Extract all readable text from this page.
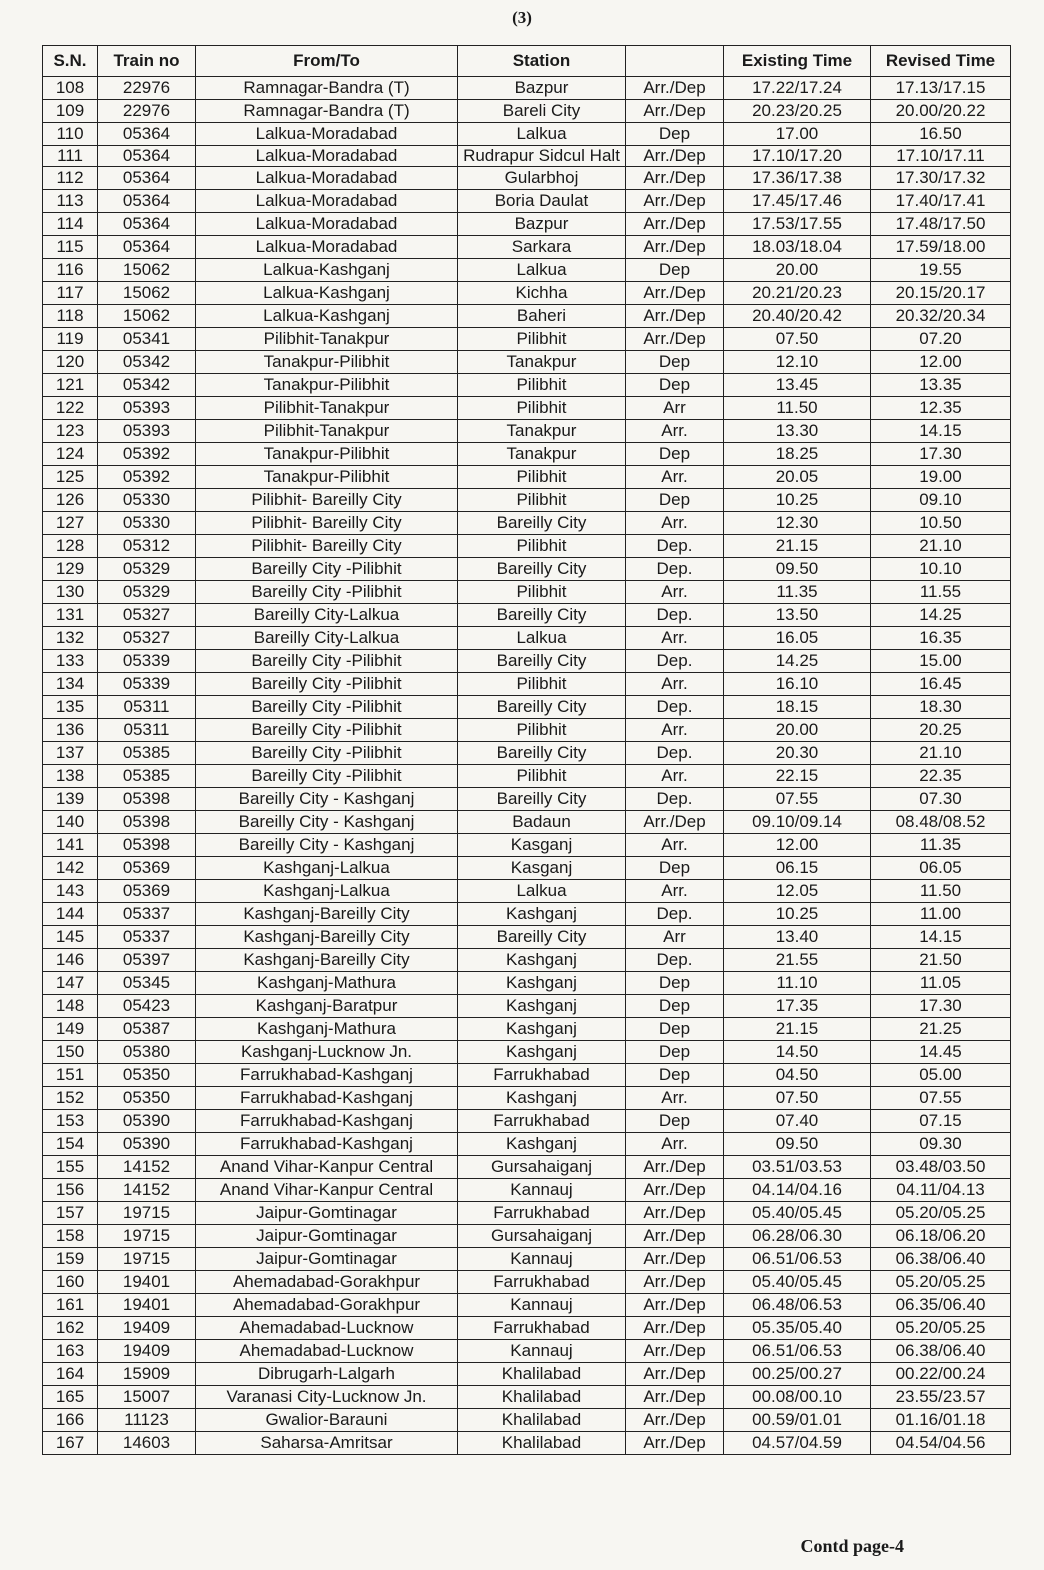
(3)
S.N.	Train no	From/To	Station		Existing Time	Revised Time
108	22976	Ramnagar-Bandra (T)	Bazpur	Arr./Dep	17.22/17.24	17.13/17.15
109	22976	Ramnagar-Bandra (T)	Bareli City	Arr./Dep	20.23/20.25	20.00/20.22
110	05364	Lalkua-Moradabad	Lalkua	Dep	17.00	16.50
111	05364	Lalkua-Moradabad	Rudrapur Sidcul Halt	Arr./Dep	17.10/17.20	17.10/17.11
112	05364	Lalkua-Moradabad	Gularbhoj	Arr./Dep	17.36/17.38	17.30/17.32
113	05364	Lalkua-Moradabad	Boria Daulat	Arr./Dep	17.45/17.46	17.40/17.41
114	05364	Lalkua-Moradabad	Bazpur	Arr./Dep	17.53/17.55	17.48/17.50
115	05364	Lalkua-Moradabad	Sarkara	Arr./Dep	18.03/18.04	17.59/18.00
116	15062	Lalkua-Kashganj	Lalkua	Dep	20.00	19.55
117	15062	Lalkua-Kashganj	Kichha	Arr./Dep	20.21/20.23	20.15/20.17
118	15062	Lalkua-Kashganj	Baheri	Arr./Dep	20.40/20.42	20.32/20.34
119	05341	Pilibhit-Tanakpur	Pilibhit	Arr./Dep	07.50	07.20
120	05342	Tanakpur-Pilibhit	Tanakpur	Dep	12.10	12.00
121	05342	Tanakpur-Pilibhit	Pilibhit	Dep	13.45	13.35
122	05393	Pilibhit-Tanakpur	Pilibhit	Arr	11.50	12.35
123	05393	Pilibhit-Tanakpur	Tanakpur	Arr.	13.30	14.15
124	05392	Tanakpur-Pilibhit	Tanakpur	Dep	18.25	17.30
125	05392	Tanakpur-Pilibhit	Pilibhit	Arr.	20.05	19.00
126	05330	Pilibhit- Bareilly City	Pilibhit	Dep	10.25	09.10
127	05330	Pilibhit- Bareilly City	Bareilly City	Arr.	12.30	10.50
128	05312	Pilibhit- Bareilly City	Pilibhit	Dep.	21.15	21.10
129	05329	Bareilly City -Pilibhit	Bareilly City	Dep.	09.50	10.10
130	05329	Bareilly City -Pilibhit	Pilibhit	Arr.	11.35	11.55
131	05327	Bareilly City-Lalkua	Bareilly City	Dep.	13.50	14.25
132	05327	Bareilly City-Lalkua	Lalkua	Arr.	16.05	16.35
133	05339	Bareilly City -Pilibhit	Bareilly City	Dep.	14.25	15.00
134	05339	Bareilly City -Pilibhit	Pilibhit	Arr.	16.10	16.45
135	05311	Bareilly City -Pilibhit	Bareilly City	Dep.	18.15	18.30
136	05311	Bareilly City -Pilibhit	Pilibhit	Arr.	20.00	20.25
137	05385	Bareilly City -Pilibhit	Bareilly City	Dep.	20.30	21.10
138	05385	Bareilly City -Pilibhit	Pilibhit	Arr.	22.15	22.35
139	05398	Bareilly City - Kashganj	Bareilly City	Dep.	07.55	07.30
140	05398	Bareilly City - Kashganj	Badaun	Arr./Dep	09.10/09.14	08.48/08.52
141	05398	Bareilly City - Kashganj	Kasganj	Arr.	12.00	11.35
142	05369	Kashganj-Lalkua	Kasganj	Dep	06.15	06.05
143	05369	Kashganj-Lalkua	Lalkua	Arr.	12.05	11.50
144	05337	Kashganj-Bareilly City	Kashganj	Dep.	10.25	11.00
145	05337	Kashganj-Bareilly City	Bareilly City	Arr	13.40	14.15
146	05397	Kashganj-Bareilly City	Kashganj	Dep.	21.55	21.50
147	05345	Kashganj-Mathura	Kashganj	Dep	11.10	11.05
148	05423	Kashganj-Baratpur	Kashganj	Dep	17.35	17.30
149	05387	Kashganj-Mathura	Kashganj	Dep	21.15	21.25
150	05380	Kashganj-Lucknow Jn.	Kashganj	Dep	14.50	14.45
151	05350	Farrukhabad-Kashganj	Farrukhabad	Dep	04.50	05.00
152	05350	Farrukhabad-Kashganj	Kashganj	Arr.	07.50	07.55
153	05390	Farrukhabad-Kashganj	Farrukhabad	Dep	07.40	07.15
154	05390	Farrukhabad-Kashganj	Kashganj	Arr.	09.50	09.30
155	14152	Anand Vihar-Kanpur Central	Gursahaiganj	Arr./Dep	03.51/03.53	03.48/03.50
156	14152	Anand Vihar-Kanpur Central	Kannauj	Arr./Dep	04.14/04.16	04.11/04.13
157	19715	Jaipur-Gomtinagar	Farrukhabad	Arr./Dep	05.40/05.45	05.20/05.25
158	19715	Jaipur-Gomtinagar	Gursahaiganj	Arr./Dep	06.28/06.30	06.18/06.20
159	19715	Jaipur-Gomtinagar	Kannauj	Arr./Dep	06.51/06.53	06.38/06.40
160	19401	Ahemadabad-Gorakhpur	Farrukhabad	Arr./Dep	05.40/05.45	05.20/05.25
161	19401	Ahemadabad-Gorakhpur	Kannauj	Arr./Dep	06.48/06.53	06.35/06.40
162	19409	Ahemadabad-Lucknow	Farrukhabad	Arr./Dep	05.35/05.40	05.20/05.25
163	19409	Ahemadabad-Lucknow	Kannauj	Arr./Dep	06.51/06.53	06.38/06.40
164	15909	Dibrugarh-Lalgarh	Khalilabad	Arr./Dep	00.25/00.27	00.22/00.24
165	15007	Varanasi City-Lucknow Jn.	Khalilabad	Arr./Dep	00.08/00.10	23.55/23.57
166	11123	Gwalior-Barauni	Khalilabad	Arr./Dep	00.59/01.01	01.16/01.18
167	14603	Saharsa-Amritsar	Khalilabad	Arr./Dep	04.57/04.59	04.54/04.56
Contd page-4
